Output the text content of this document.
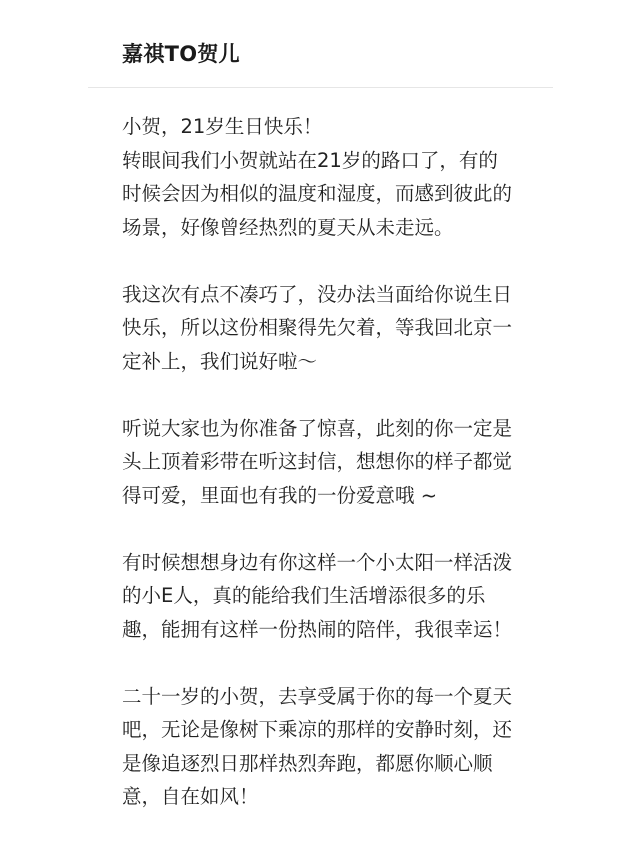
嘉祺TO贺儿

小贺，21岁生日快乐！
转眼间我们小贺就站在21岁的路口了，有的
时候会因为相似的温度和湿度，而感到彼此的
场景，好像曾经热烈的夏天从未走远。

我这次有点不凑巧了，没办法当面给你说生日
快乐，所以这份相聚得先欠着，等我回北京一
定补上，我们说好啦～

听说大家也为你准备了惊喜，此刻的你一定是
头上顶着彩带在听这封信，想想你的样子都觉
得可爱，里面也有我的一份爱意哦 ~

有时候想想身边有你这样一个小太阳一样活泼
的小E人，真的能给我们生活增添很多的乐
趣，能拥有这样一份热闹的陪伴，我很幸运！

二十一岁的小贺，去享受属于你的每一个夏天
吧，无论是像树下乘凉的那样的安静时刻，还
是像追逐烈日那样热烈奔跑，都愿你顺心顺
意，自在如风！
